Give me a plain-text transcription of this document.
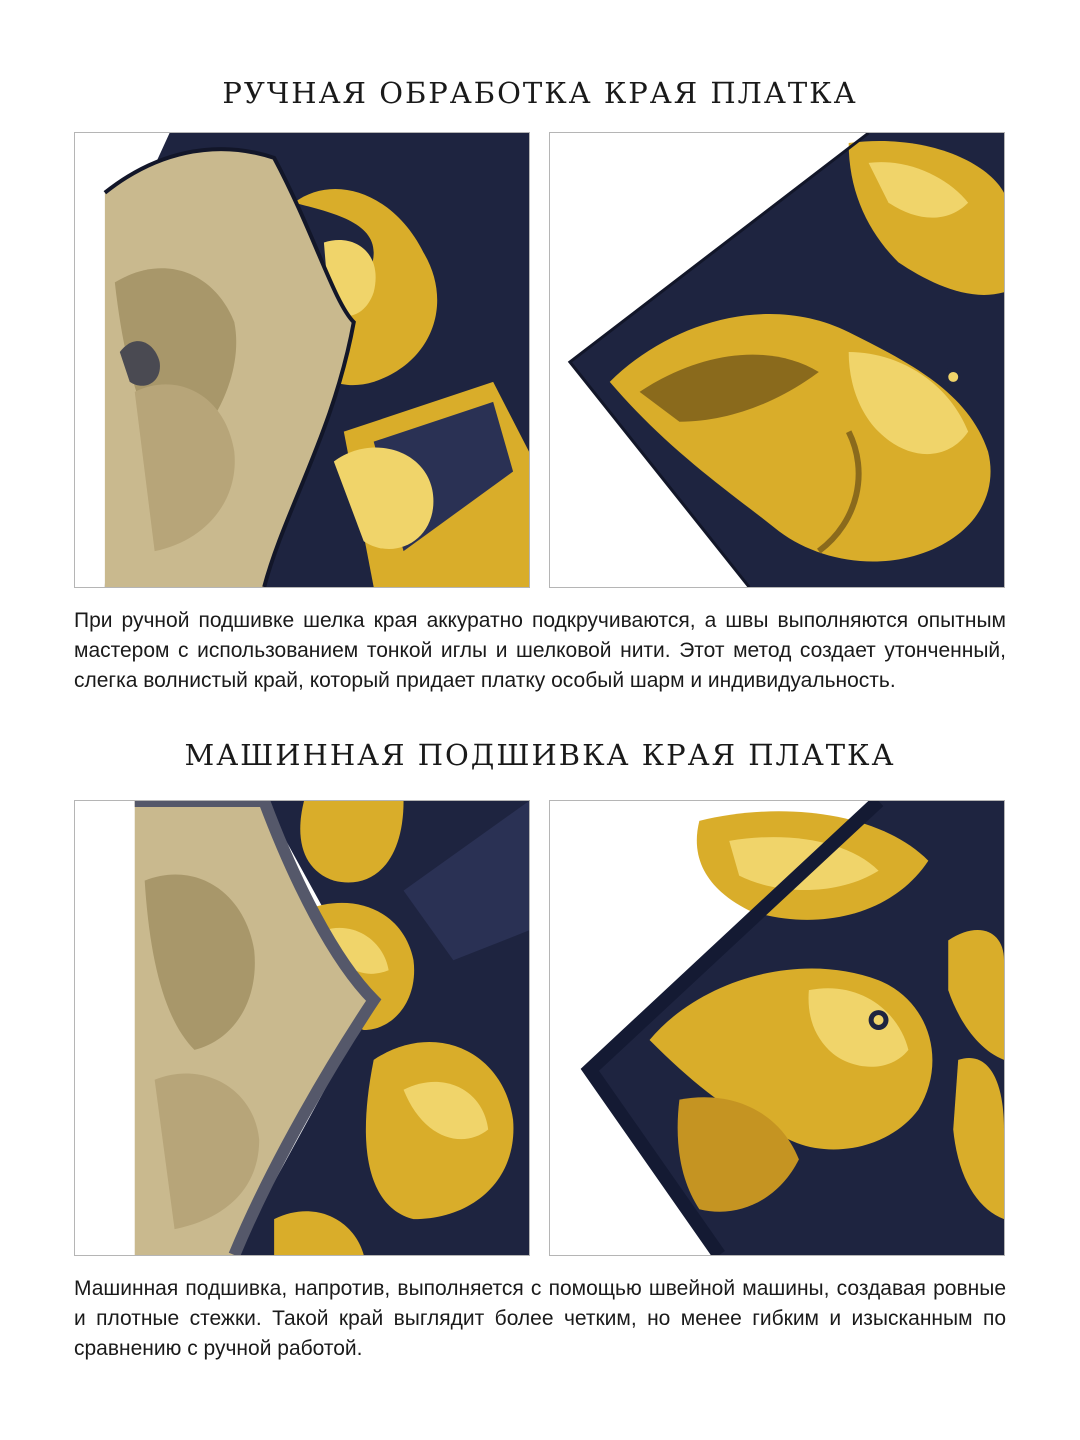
РУЧНАЯ ОБРАБОТКА КРАЯ ПЛАТКА

При ручной подшивке шелка края аккуратно подкручиваются, а швы выполняются опытным мастером с использованием тонкой иглы и шелковой нити. Этот метод создает утонченный, слегка волнистый край, который придает платку особый шарм и индивидуальность.

МАШИННАЯ ПОДШИВКА КРАЯ ПЛАТКА

Машинная подшивка, напротив, выполняется с помощью швейной машины, создавая ровные и плотные стежки. Такой край выглядит более четким, но менее гибким и изысканным по сравнению с ручной работой.
